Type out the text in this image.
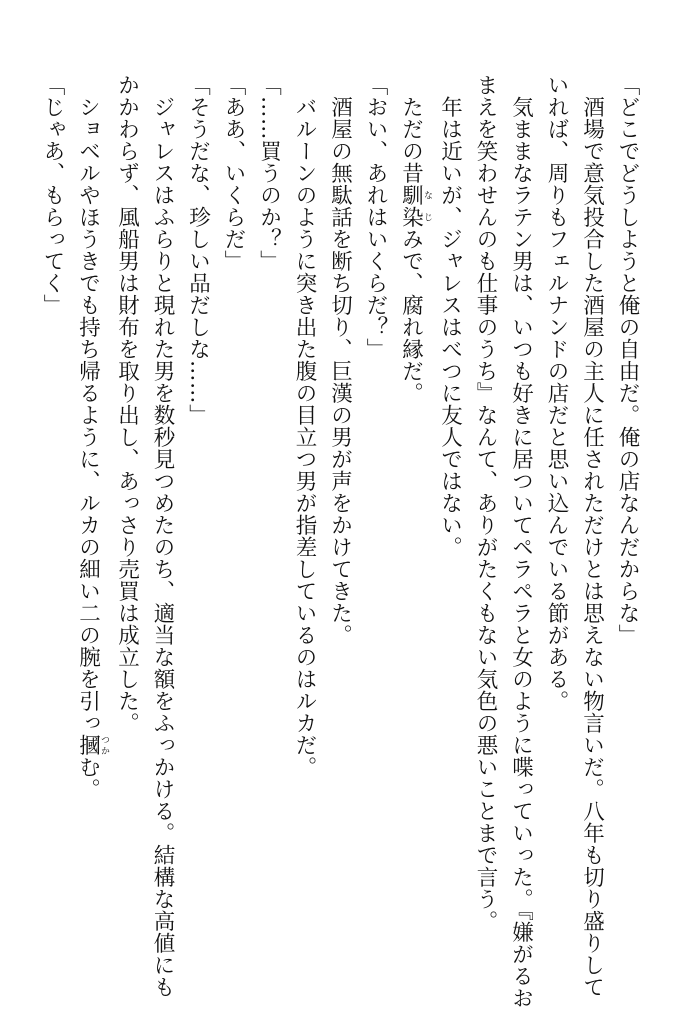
「どこでどうしようと俺の自由だ。俺の店なんだからな」

　酒場で意気投合した酒屋の主人に任されただけとは思えない物言いだ。八年も切り盛りして

いれば、周りもフェルナンドの店だと思い込んでいる節がある。

　気ままなラテン男は、いつも好きに居ついてペラペラと女のように喋っていった。『嫌がるお

まえを笑わせんのも仕事のうち』なんて、ありがたくもない気色の悪いことまで言う。

　年は近いが、ジャレスはべつに友人ではない。

　ただの昔馴な染じみで、腐れ縁だ。

「おい、あれはいくらだ？」

　酒屋の無駄話を断ち切り、巨漢の男が声をかけてきた。

　バルーンのように突き出た腹の目立つ男が指差しているのはルカだ。

「……買うのか？」

「ああ、いくらだ」

「そうだな、珍しい品だしな……」

　ジャレスはふらりと現れた男を数秒見つめたのち、適当な額をふっかける。結構な高値にも

かかわらず、風船男は財布を取り出し、あっさり売買は成立した。

　ショベルやほうきでも持ち帰るように、ルカの細い二の腕を引っ摑つかむ。

「じゃあ、もらってく」
